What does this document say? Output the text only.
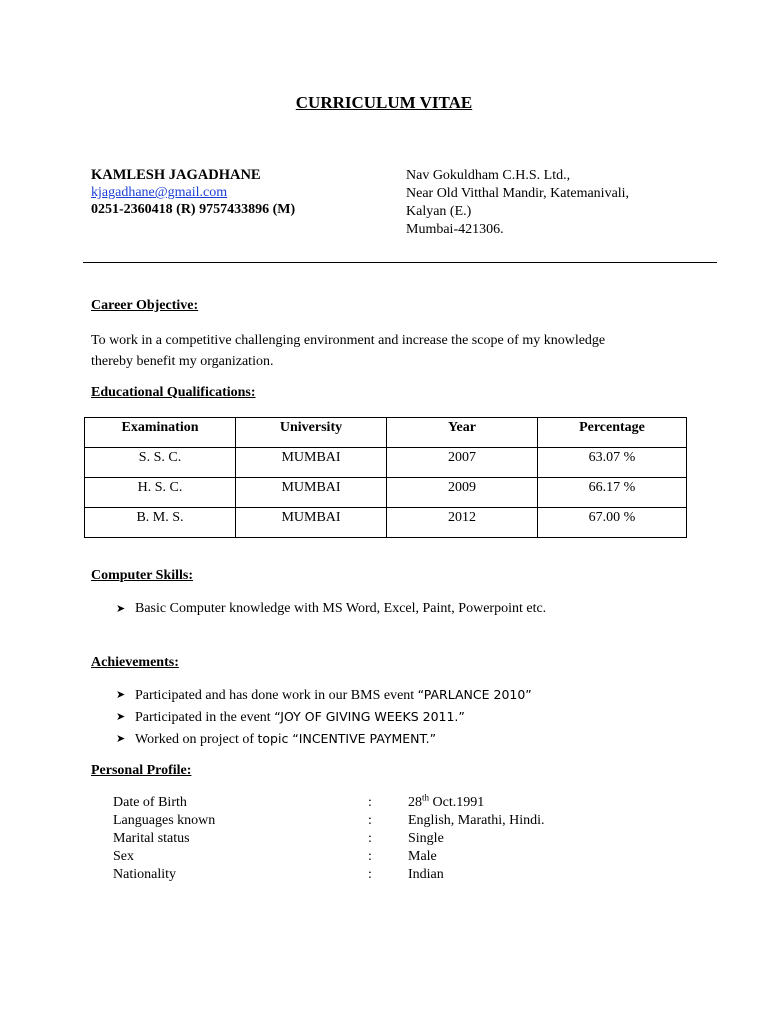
CURRICULUM VITAE
KAMLESH JAGADHANE
kjagadhane@gmail.com
0251-2360418 (R) 9757433896 (M)
Nav Gokuldham C.H.S. Ltd.,
Near Old Vitthal Mandir, Katemanivali,
Kalyan (E.)
Mumbai-421306.
Career Objective:
To work in a competitive challenging environment and increase the scope of my knowledge
thereby benefit my organization.
Educational Qualifications:
Examination	University	Year	Percentage
S. S. C.	MUMBAI	2007	63.07 %
H. S. C.	MUMBAI	2009	66.17 %
B. M. S.	MUMBAI	2012	67.00 %
Computer Skills:
➤ Basic Computer knowledge with MS Word, Excel, Paint, Powerpoint etc.
Achievements:
➤ Participated and has done work in our BMS event “PARLANCE 2010”
➤ Participated in the event “JOY OF GIVING WEEKS 2011.”
➤ Worked on project of topic “INCENTIVE PAYMENT.”
Personal Profile:
Date of Birth	:	28th Oct.1991
Languages known	:	English, Marathi, Hindi.
Marital status	:	Single
Sex	:	Male
Nationality	:	Indian
